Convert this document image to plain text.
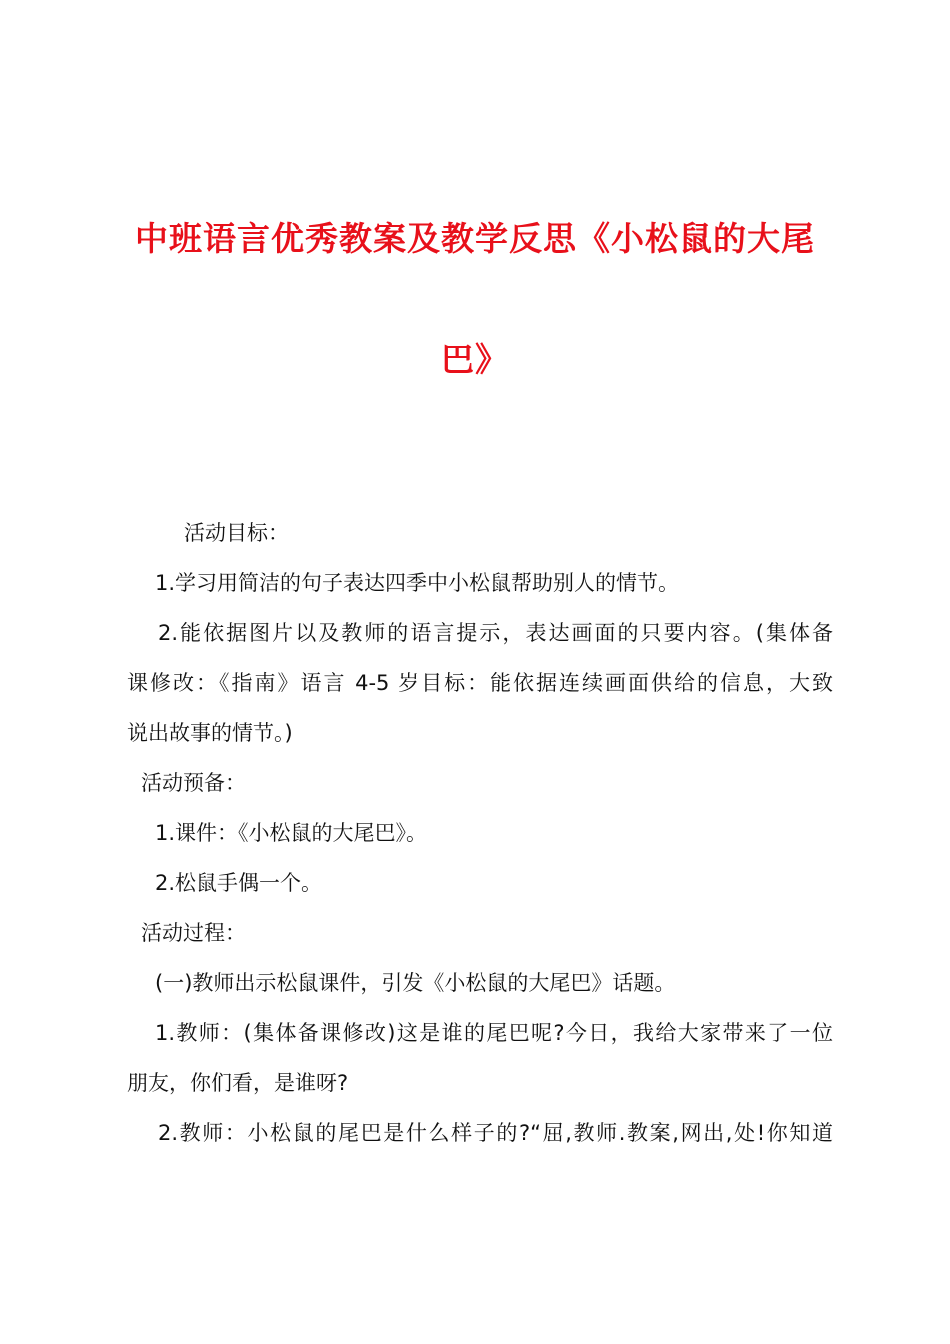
中班语言优秀教案及教学反思《小松鼠的大尾
巴》
活动目标：
1.学习用简洁的句子表达四季中小松鼠帮助别人的情节。
2.能依据图片以及教师的语言提示，表达画面的只要内容。(集体备
课修改：《指南》语言 4-5 岁目标：能依据连续画面供给的信息，大致
说出故事的情节。)
活动预备：
1.课件：《小松鼠的大尾巴》。
2.松鼠手偶一个。
活动过程：
(一)教师出示松鼠课件，引发《小松鼠的大尾巴》话题。
1.教师：(集体备课修改)这是谁的尾巴呢?今日，我给大家带来了一位
朋友，你们看，是谁呀?
2.教师：小松鼠的尾巴是什么样子的?“屈,教师.教案,网出,处!你知道
